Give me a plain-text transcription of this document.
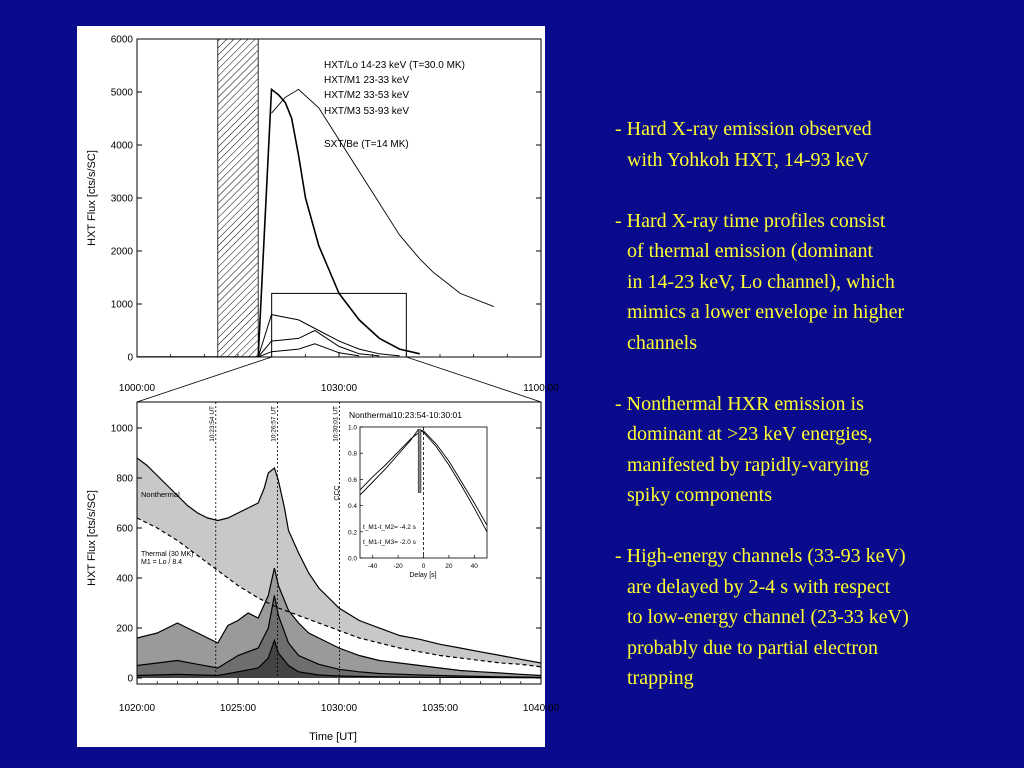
0
1000
2000
3000
4000
5000
6000
1000:00	1030:00	1100:00
HXT Flux [cts/s/SC]
HXT/Lo 14-23 keV (T=30.0 MK)
HXT/M1 23-33 keV
HXT/M2 33-53 keV
HXT/M3 53-93 keV
SXT/Be (T=14 MK)
10:23:54 UT	10:26:57 UT	10:30:01 UT
0
200
400
600
800
1000
1020:00	1025:00	1030:00	1035:00	1040:00
HXT Flux [cts/s/SC]
Time [UT]
Nonthermal
Thermal (30 MK)
M1 = Lo / 8.4
Nonthermal10:23:54-10:30:01
0.0
0.2
0.4
0.6
0.8
1.0
-40 -20	0	20	40
CCC
Delay [s]
t_M1-t_M2= -4.2 s
t_M1-t_M3= -2.0 s
- Hard X-ray emission observed
with Yohkoh HXT, 14-93 keV
- Hard X-ray time profiles consist
of thermal emission (dominant
in 14-23 keV, Lo channel), which
mimics a lower envelope in higher
channels
- Nonthermal HXR emission is
dominant at >23 keV energies,
manifested by rapidly-varying
spiky components
- High-energy channels (33-93 keV)
are delayed by 2-4 s with respect
to low-energy channel (23-33 keV)
probably due to partial electron
trapping
